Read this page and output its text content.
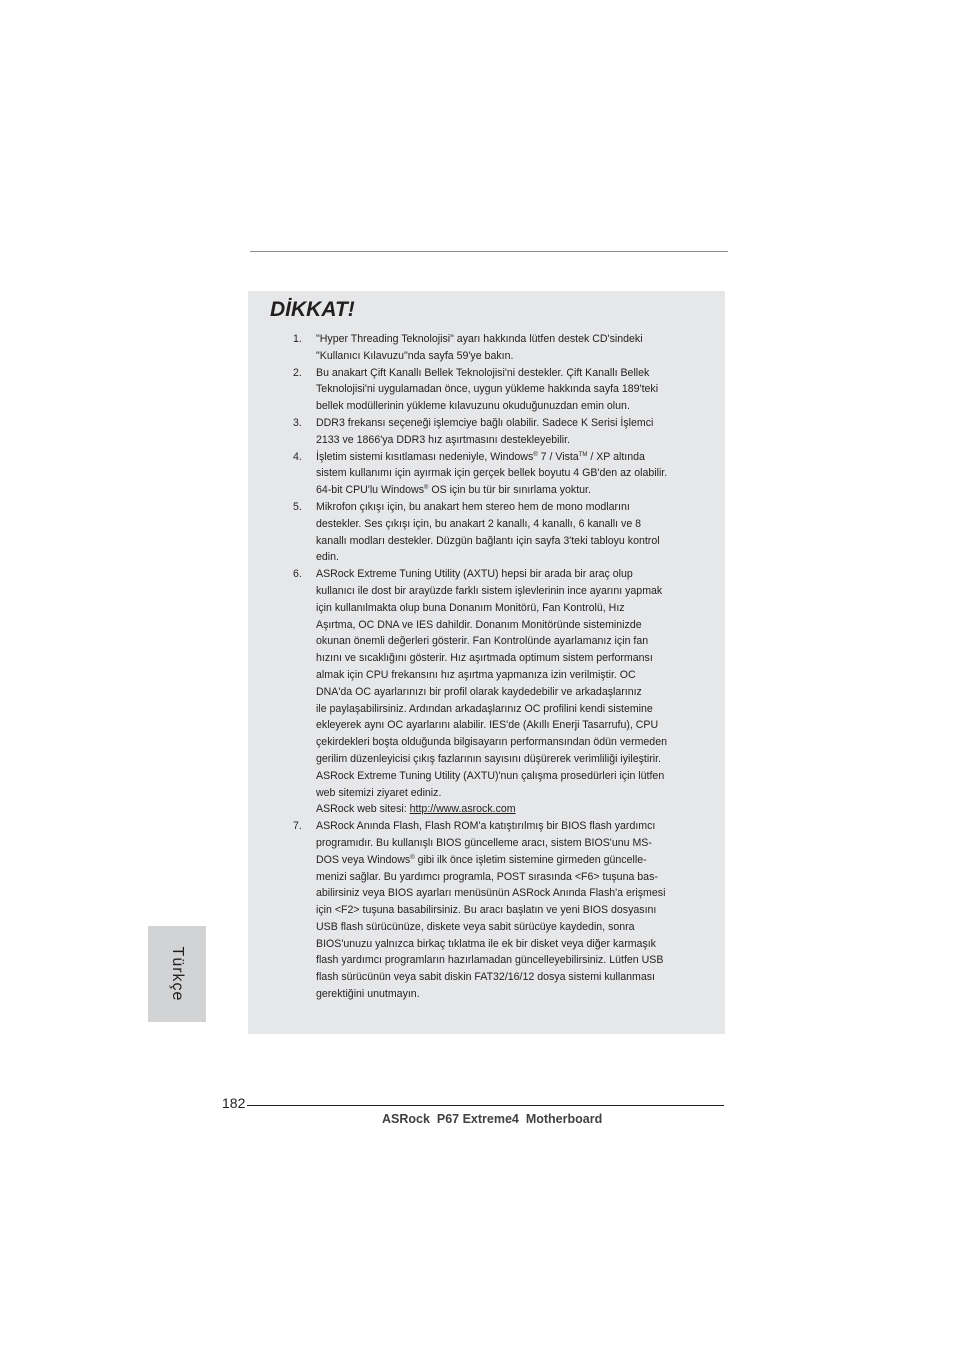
DİKKAT!
1. "Hyper Threading Teknolojisi" ayarı hakkında lütfen destek CD'sindeki
"Kullanıcı Kılavuzu"nda sayfa 59'ye bakın.
2. Bu anakart Çift Kanallı Bellek Teknolojisi'ni destekler. Çift Kanallı Bellek
Teknolojisi'ni uygulamadan önce, uygun yükleme hakkında sayfa 189'teki
bellek modüllerinin yükleme kılavuzunu okuduğunuzdan emin olun.
3. DDR3 frekansı seçeneği işlemciye bağlı olabilir. Sadece K Serisi İşlemci
2133 ve 1866'ya DDR3 hız aşırtmasını destekleyebilir.
4. İşletim sistemi kısıtlaması nedeniyle, Windows® 7 / Vista™ / XP altında
sistem kullanımı için ayırmak için gerçek bellek boyutu 4 GB'den az olabilir.
64-bit CPU'lu Windows® OS için bu tür bir sınırlama yoktur.
5. Mikrofon çıkışı için, bu anakart hem stereo hem de mono modlarını
destekler. Ses çıkışı için, bu anakart 2 kanallı, 4 kanallı, 6 kanallı ve 8
kanallı modları destekler. Düzgün bağlantı için sayfa 3'teki tabloyu kontrol
edin.
6. ASRock Extreme Tuning Utility (AXTU) hepsi bir arada bir araç olup
kullanıcı ile dost bir arayüzde farklı sistem işlevlerinin ince ayarını yapmak
için kullanılmakta olup buna Donanım Monitörü, Fan Kontrolü, Hız
Aşırtma, OC DNA ve IES dahildir. Donanım Monitöründe sisteminizde
okunan önemli değerleri gösterir. Fan Kontrolünde ayarlamanız için fan
hızını ve sıcaklığını gösterir. Hız aşırtmada optimum sistem performansı
almak için CPU frekansını hız aşırtma yapmanıza izin verilmiştir. OC
DNA'da OC ayarlarınızı bir profil olarak kaydedebilir ve arkadaşlarınız
ile paylaşabilirsiniz. Ardından arkadaşlarınız OC profilini kendi sistemine
ekleyerek aynı OC ayarlarını alabilir. IES'de (Akıllı Enerji Tasarrufu), CPU
çekirdekleri boşta olduğunda bilgisayarın performansından ödün vermeden
gerilim düzenleyicisi çıkış fazlarının sayısını düşürerek verimliliği iyileştirir.
ASRock Extreme Tuning Utility (AXTU)'nun çalışma prosedürleri için lütfen
web sitemizi ziyaret ediniz.
ASRock web sitesi: http://www.asrock.com
7. ASRock Anında Flash, Flash ROM'a katıştırılmış bir BIOS flash yardımcı
programıdır. Bu kullanışlı BIOS güncelleme aracı, sistem BIOS'unu MS-
DOS veya Windows® gibi ilk önce işletim sistemine girmeden güncelle-
menizi sağlar. Bu yardımcı programla, POST sırasında <F6> tuşuna bas-
abilirsiniz veya BIOS ayarları menüsünün ASRock Anında Flash'a erişmesi
için <F2> tuşuna basabilirsiniz. Bu aracı başlatın ve yeni BIOS dosyasını
USB flash sürücünüze, diskete veya sabit sürücüye kaydedin, sonra
BIOS'unuzu yalnızca birkaç tıklatma ile ek bir disket veya diğer karmaşık
flash yardımcı programların hazırlamadan güncelleyebilirsiniz. Lütfen USB
flash sürücünün veya sabit diskin FAT32/16/12 dosya sistemi kullanması
gerektiğini unutmayın.
Türkçe
182
ASRock  P67 Extreme4  Motherboard
